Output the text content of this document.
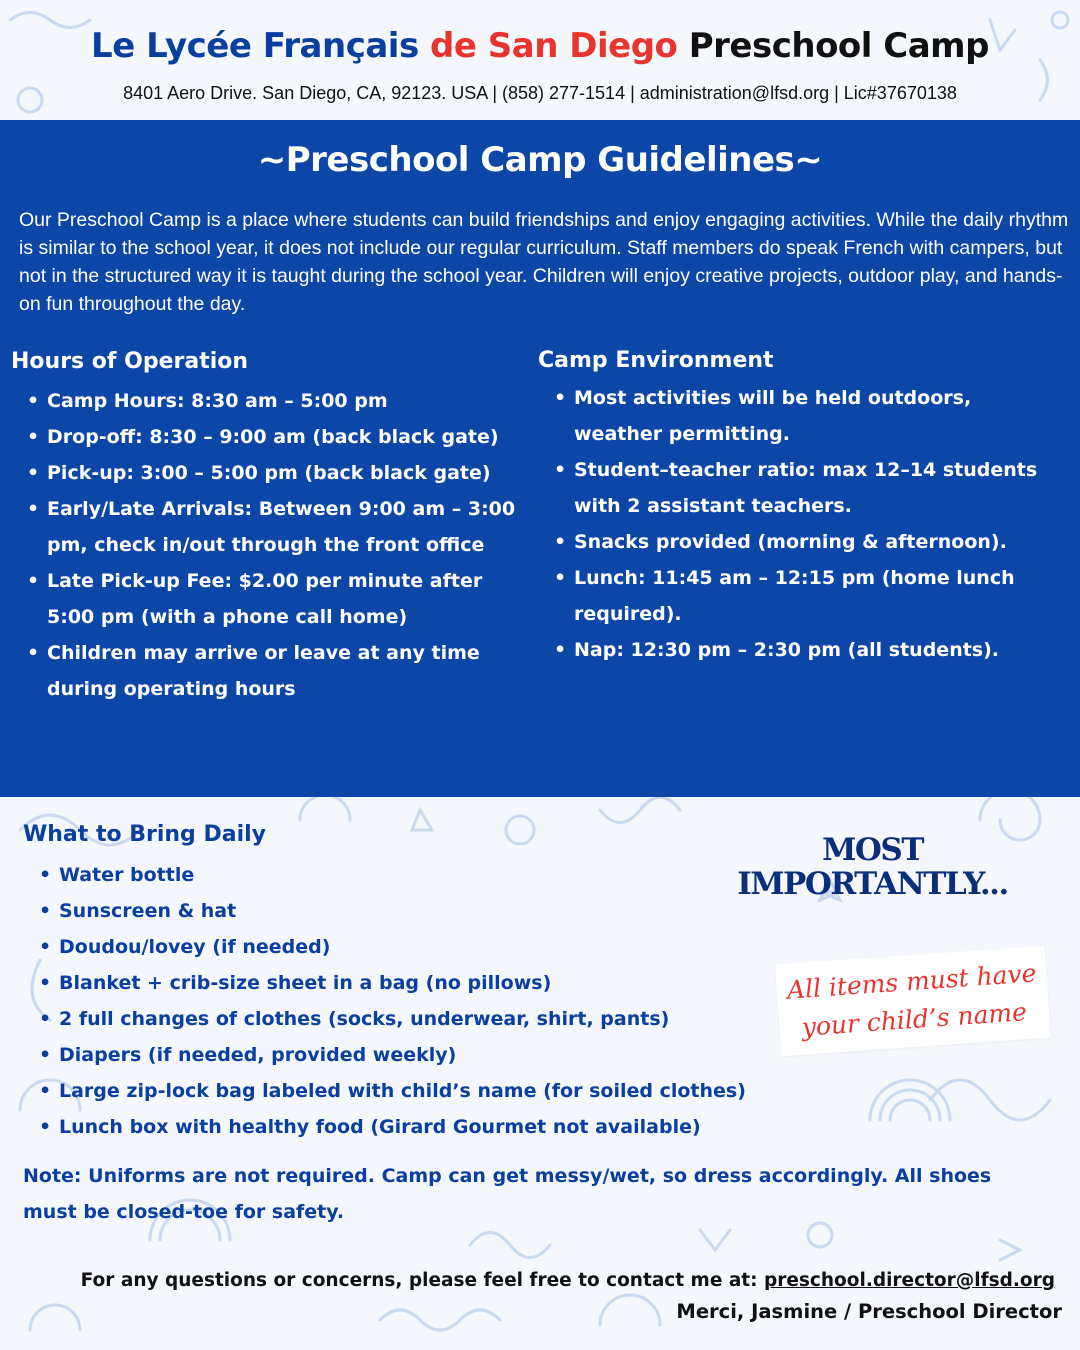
Le Lycée Français de San Diego Preschool Camp
8401 Aero Drive. San Diego, CA, 92123. USA | (858) 277-1514 | administration@lfsd.org | Lic#37670138
~Preschool Camp Guidelines~
Our Preschool Camp is a place where students can build friendships and enjoy engaging activities. While the daily rhythm is similar to the school year, it does not include our regular curriculum. Staff members do speak French with campers, but not in the structured way it is taught during the school year. Children will enjoy creative projects, outdoor play, and hands-on fun throughout the day.
Hours of Operation
• Camp Hours: 8:30 am – 5:00 pm
• Drop-off: 8:30 – 9:00 am (back black gate)
• Pick-up: 3:00 – 5:00 pm (back black gate)
• Early/Late Arrivals: Between 9:00 am – 3:00 pm, check in/out through the front office
• Late Pick-up Fee: $2.00 per minute after 5:00 pm (with a phone call home)
• Children may arrive or leave at any time during operating hours
Camp Environment
• Most activities will be held outdoors, weather permitting.
• Student–teacher ratio: max 12–14 students with 2 assistant teachers.
• Snacks provided (morning & afternoon).
• Lunch: 11:45 am – 12:15 pm (home lunch required).
• Nap: 12:30 pm – 2:30 pm (all students).
What to Bring Daily
• Water bottle
• Sunscreen & hat
• Doudou/lovey (if needed)
• Blanket + crib-size sheet in a bag (no pillows)
• 2 full changes of clothes (socks, underwear, shirt, pants)
• Diapers (if needed, provided weekly)
• Large zip-lock bag labeled with child’s name (for soiled clothes)
• Lunch box with healthy food (Girard Gourmet not available)
MOST
IMPORTANTLY...
All items must have
your child’s name
Note: Uniforms are not required. Camp can get messy/wet, so dress accordingly. All shoes must be closed-toe for safety.
For any questions or concerns, please feel free to contact me at: preschool.director@lfsd.org
Merci, Jasmine / Preschool Director
